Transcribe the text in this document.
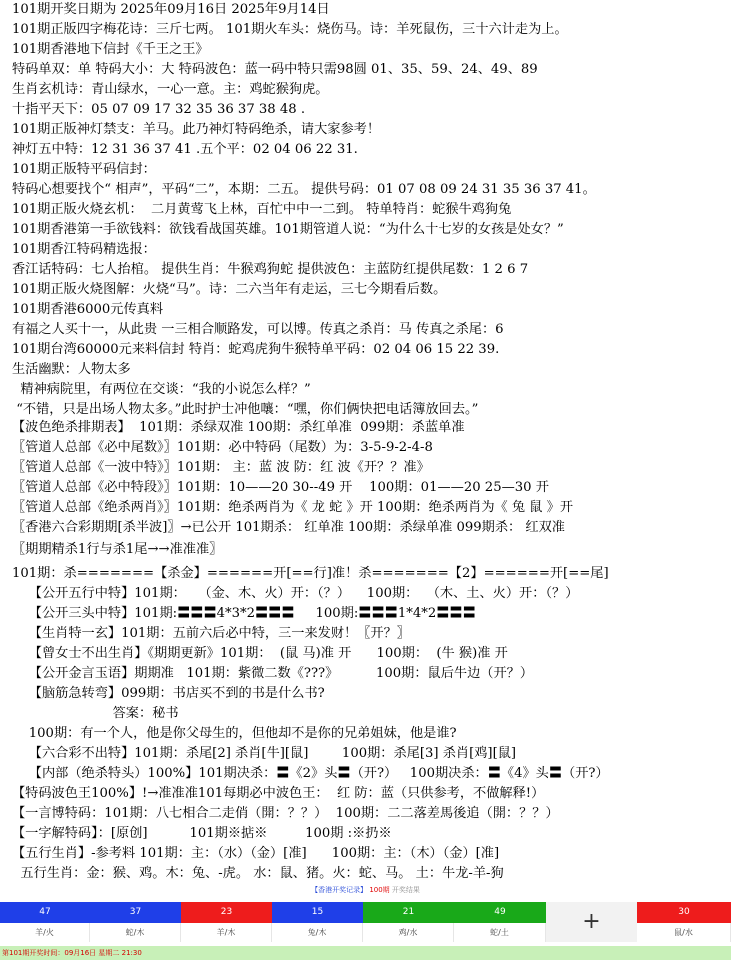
101期开奖日期为 2025年09月16日 2025年9月14日
101期正版四字梅花诗：三斤七两。 101期火车头：烧伤马。诗：羊死鼠伤，三十六计走为上。
101期香港地下信封《千王之王》
特码单双：单 特码大小：大 特码波色：蓝一码中特只需98圆 01、35、59、24、49、89
生肖玄机诗：青山绿水，一心一意。主：鸡蛇猴狗虎。
十指平天下：05 07 09 17 32 35 36 37 38 48 .
101期正版神灯禁支：羊马。此乃神灯特码绝杀，请大家参考！
神灯五中特：12 31 36 37 41 .五个平：02 04 06 22 31.
101期正版特平码信封：
特码心想要找个“ 相声”，平码“二”，本期：二五。 提供号码：01 07 08 09 24 31 35 36 37 41。
101期正版火烧玄机：  二月黄莺飞上林，百忙中中一二到。 特单特肖：蛇猴牛鸡狗兔
101期香港第一手欲钱料：欲钱看战国英雄。101期管道人说：“为什么十七岁的女孩是处女？”
101期香江特码精选报：
香江话特码：七人抬棺。 提供生肖：牛猴鸡狗蛇 提供波色：主蓝防红提供尾数：1 2 6 7
101期正版火烧图解：火烧“马”。诗：二六当年有走运，三七今期看后数。
101期香港6000元传真料
有福之人买十一，从此贵 一三相合顺路发，可以博。传真之杀肖：马 传真之杀尾：6
101期台湾60000元来料信封 特肖：蛇鸡虎狗牛猴特单平码：02 04 06 15 22 39.
生活幽默：人物太多
精神病院里，有两位在交谈：“我的小说怎么样？”
“不错，只是出场人物太多。”此时护士冲他嚷：“嘿，你们俩快把电话簿放回去。”
【波色绝杀排期表】  101期：杀绿双准 100期：杀红单准  099期：杀蓝单准
〖管道人总部《必中尾数》〗101期：必中特码（尾数）为：3-5-9-2-4-8
〖管道人总部《一波中特》〗101期： 主：蓝 波 防：红 波《开？？准》
〖管道人总部《必中特段》〗101期：10——20 30--49 开    100期：01——20 25—30 开
〖管道人总部《绝杀两肖》〗101期：绝杀两肖为《 龙 蛇 》开 100期：绝杀两肖为《 兔 鼠 》开
〖香港六合彩期期[杀半波]〗→已公开 101期杀： 红单准 100期：杀绿单准 099期杀： 红双准
〖期期精杀1行与杀1尾→→准准准〗
101期：杀=======【杀金】======开[==行]准！杀=======【2】======开[==尾]
【公开五行中特】101期：   （金、木、火）开：（？）    100期：  （木、土、火）开：（？）
【公开三头中特】101期:〓〓〓4*3*2〓〓〓     100期:〓〓〓1*4*2〓〓〓
【生肖特一玄】101期：五前六后必中特，三一来发财！〖开？〗
【曾女士不出生肖】《期期更新》101期：  (鼠 马)准 开      100期：  (牛 猴)准 开
【公开金言玉语】期期准   101期：紫微二数《???》         100期：鼠后牛边（开？）
【脑筋急转弯】099期：书店买不到的书是什么书?
答案：秘书
100期：有一个人，他是你父母生的，但他却不是你的兄弟姐妹，他是谁?
【六合彩不出特】101期：杀尾[2] 杀肖[牛][鼠]        100期：杀尾[3] 杀肖[鸡][鼠]
【内部（绝杀特头）100%】101期决杀：〓《2》头〓（开?）   100期决杀：〓《4》头〓（开?）
【特码波色王100%】!→准准准101每期必中波色王：  红 防：蓝（只供参考，不做解释!）
【一言博特码：101期：八七相合二走俏（開：？？）  100期：二二落差馬後追（開：？？）
【一字解特码】：[原创]          101期※掂※         100期 :※扔※
【五行生肖】-参考料 101期：主：（水）（金）[准]      100期：主：（木）（金）[准]
五行生肖：金：猴、鸡。木：兔、-虎。 水：鼠、猪。火：蛇、马。 土：牛龙-羊-狗
【香港开奖记录】 100期 开奖结果
47
羊/火
37
蛇/木
23
羊/木
15
兔/木
21
鸡/水
49
蛇/土
30
鼠/水
+
第101期开奖时间：09月16日 星期二 21:30
